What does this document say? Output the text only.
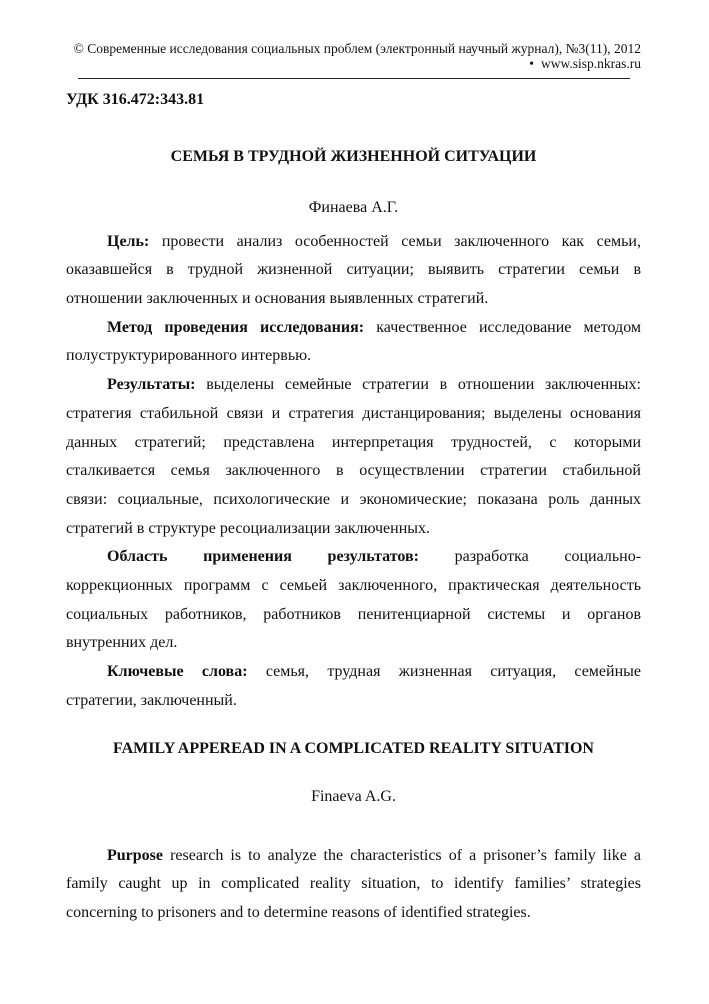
© Современные исследования социальных проблем (электронный научный журнал), №3(11), 2012
• www.sisp.nkras.ru
УДК 316.472:343.81
СЕМЬЯ В ТРУДНОЙ ЖИЗНЕННОЙ СИТУАЦИИ
Финаева А.Г.
Цель: провести анализ особенностей семьи заключенного как семьи,
оказавшейся в трудной жизненной ситуации; выявить стратегии семьи в
отношении заключенных и основания выявленных стратегий.
Метод проведения исследования: качественное исследование методом
полуструктурированного интервью.
Результаты: выделены семейные стратегии в отношении заключенных:
стратегия стабильной связи и стратегия дистанцирования; выделены основания
данных стратегий; представлена интерпретация трудностей, с которыми
сталкивается семья заключенного в осуществлении стратегии стабильной
связи: социальные, психологические и экономические; показана роль данных
стратегий в структуре ресоциализации заключенных.
Область применения результатов: разработка социально-
коррекционных программ с семьей заключенного, практическая деятельность
социальных работников, работников пенитенциарной системы и органов
внутренних дел.
Ключевые слова: семья, трудная жизненная ситуация, семейные
стратегии, заключенный.
FAMILY APPEREAD IN A COMPLICATED REALITY SITUATION
Finaeva A.G.
Purpose research is to analyze the characteristics of a prisoner’s family like a
family caught up in complicated reality situation, to identify families’ strategies
concerning to prisoners and to determine reasons of identified strategies.
